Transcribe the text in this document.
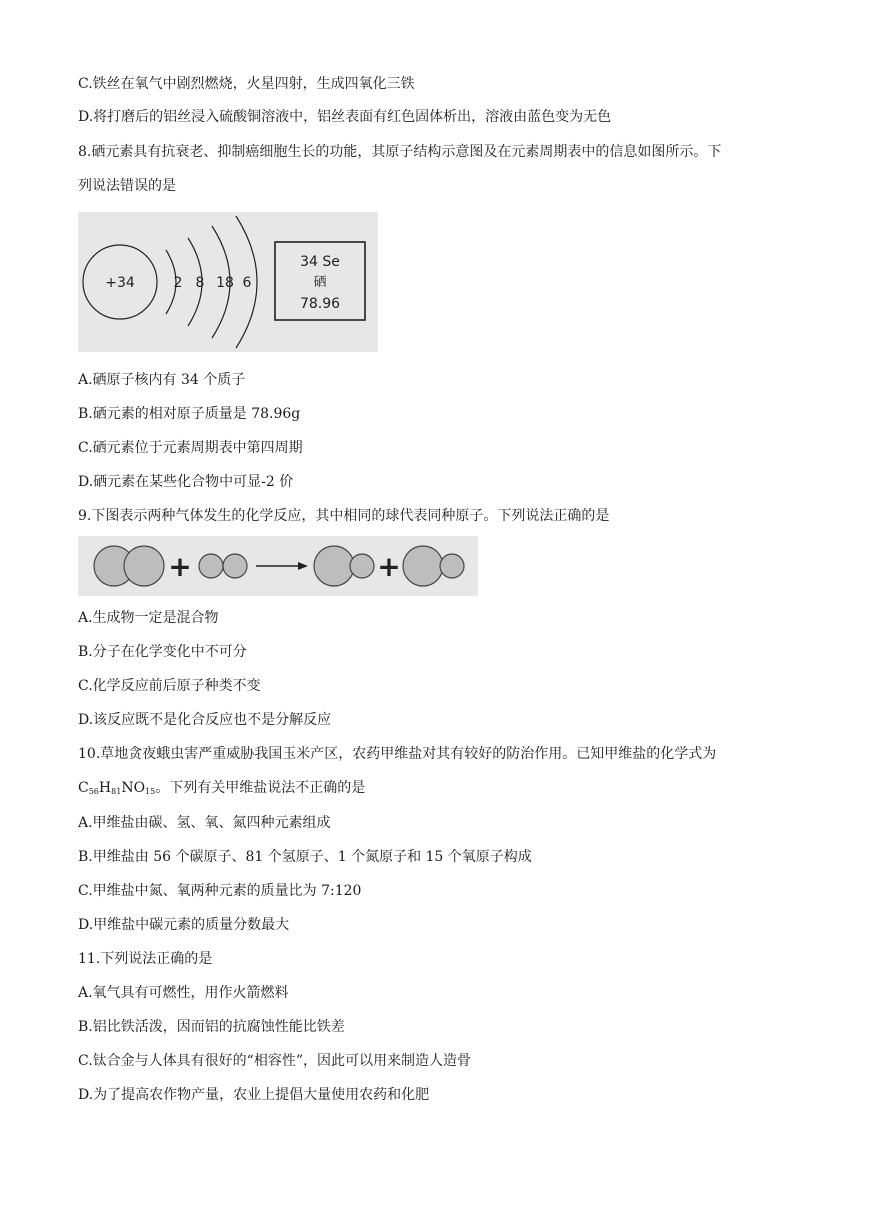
C.铁丝在氧气中剧烈燃烧，火星四射，生成四氧化三铁
D.将打磨后的铝丝浸入硫酸铜溶液中，铝丝表面有红色固体析出，溶液由蓝色变为无色
8.硒元素具有抗衰老、抑制癌细胞生长的功能，其原子结构示意图及在元素周期表中的信息如图所示。下
列说法错误的是
+34	2 8 18 6
34 Se
硒
78.96
A.硒原子核内有 34 个质子
B.硒元素的相对原子质量是 78.96g
C.硒元素位于元素周期表中第四周期
D.硒元素在某些化合物中可显-2 价
9.下图表示两种气体发生的化学反应，其中相同的球代表同种原子。下列说法正确的是
+	+
A.生成物一定是混合物
B.分子在化学变化中不可分
C.化学反应前后原子种类不变
D.该反应既不是化合反应也不是分解反应
10.草地贪夜蛾虫害严重威胁我国玉米产区，农药甲维盐对其有较好的防治作用。已知甲维盐的化学式为
$C_{56}H_{81}NO_{15}$。下列有关甲维盐说法不正确的是
A.甲维盐由碳、氢、氧、氮四种元素组成
B.甲维盐由 56 个碳原子、81 个氢原子、1 个氮原子和 15 个氧原子构成
C.甲维盐中氮、氧两种元素的质量比为 7:120
D.甲维盐中碳元素的质量分数最大
11.下列说法正确的是
A.氧气具有可燃性，用作火箭燃料
B.铝比铁活泼，因而铝的抗腐蚀性能比铁差
C.钛合金与人体具有很好的“相容性”，因此可以用来制造人造骨
D.为了提高农作物产量，农业上提倡大量使用农药和化肥
